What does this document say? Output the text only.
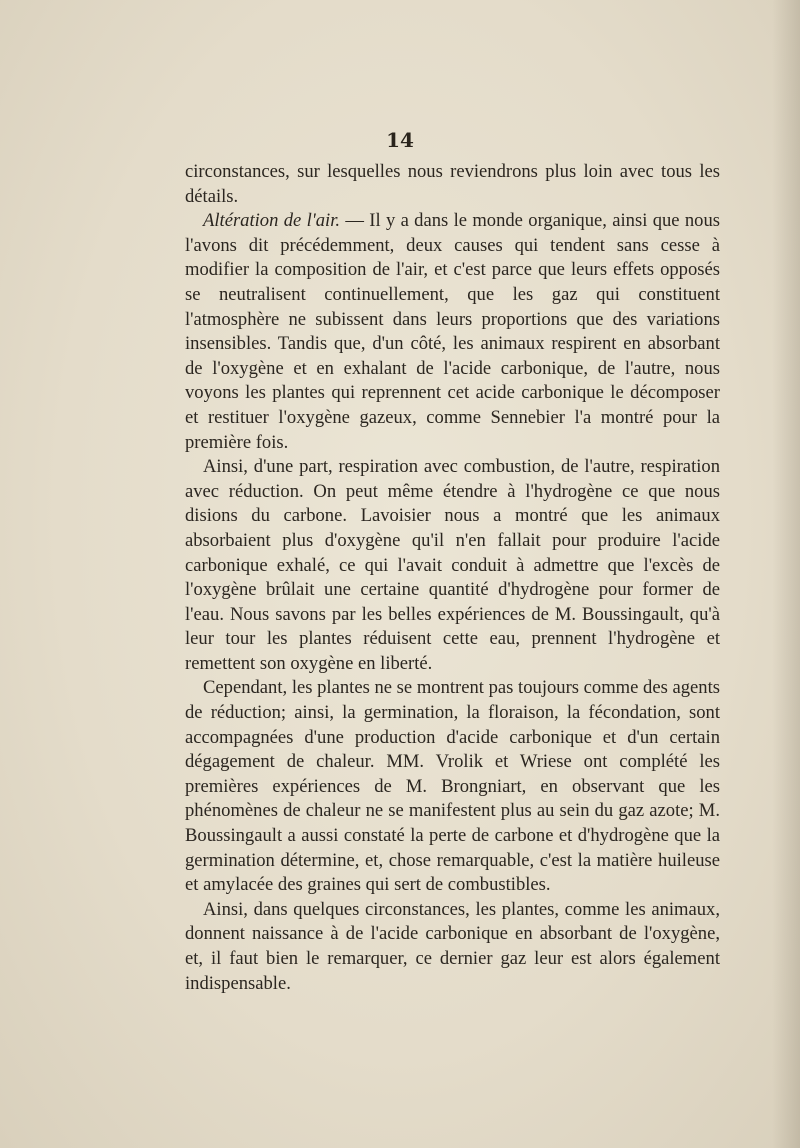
14

circonstances, sur lesquelles nous reviendrons plus loin avec tous les détails.

Altération de l'air. — Il y a dans le monde organique, ainsi que nous l'avons dit précédemment, deux causes qui tendent sans cesse à modifier la composition de l'air, et c'est parce que leurs effets opposés se neutralisent continuellement, que les gaz qui constituent l'atmosphère ne subissent dans leurs proportions que des variations insensibles. Tandis que, d'un côté, les animaux respirent en absorbant de l'oxygène et en exhalant de l'acide carbonique, de l'autre, nous voyons les plantes qui reprennent cet acide carbonique le décomposer et restituer l'oxygène gazeux, comme Sennebier l'a montré pour la première fois.

Ainsi, d'une part, respiration avec combustion, de l'autre, respiration avec réduction. On peut même étendre à l'hydrogène ce que nous disions du carbone. Lavoisier nous a montré que les animaux absorbaient plus d'oxygène qu'il n'en fallait pour produire l'acide carbonique exhalé, ce qui l'avait conduit à admettre que l'excès de l'oxygène brûlait une certaine quantité d'hydrogène pour former de l'eau. Nous savons par les belles expériences de M. Boussingault, qu'à leur tour les plantes réduisent cette eau, prennent l'hydrogène et remettent son oxygène en liberté.

Cependant, les plantes ne se montrent pas toujours comme des agents de réduction; ainsi, la germination, la floraison, la fécondation, sont accompagnées d'une production d'acide carbonique et d'un certain dégagement de chaleur. MM. Vrolik et Wriese ont complété les premières expériences de M. Brongniart, en observant que les phénomènes de chaleur ne se manifestent plus au sein du gaz azote; M. Boussingault a aussi constaté la perte de carbone et d'hydrogène que la germination détermine, et, chose remarquable, c'est la matière huileuse et amylacée des graines qui sert de combustibles.

Ainsi, dans quelques circonstances, les plantes, comme les animaux, donnent naissance à de l'acide carbonique en absorbant de l'oxygène, et, il faut bien le remarquer, ce dernier gaz leur est alors également indispensable.
